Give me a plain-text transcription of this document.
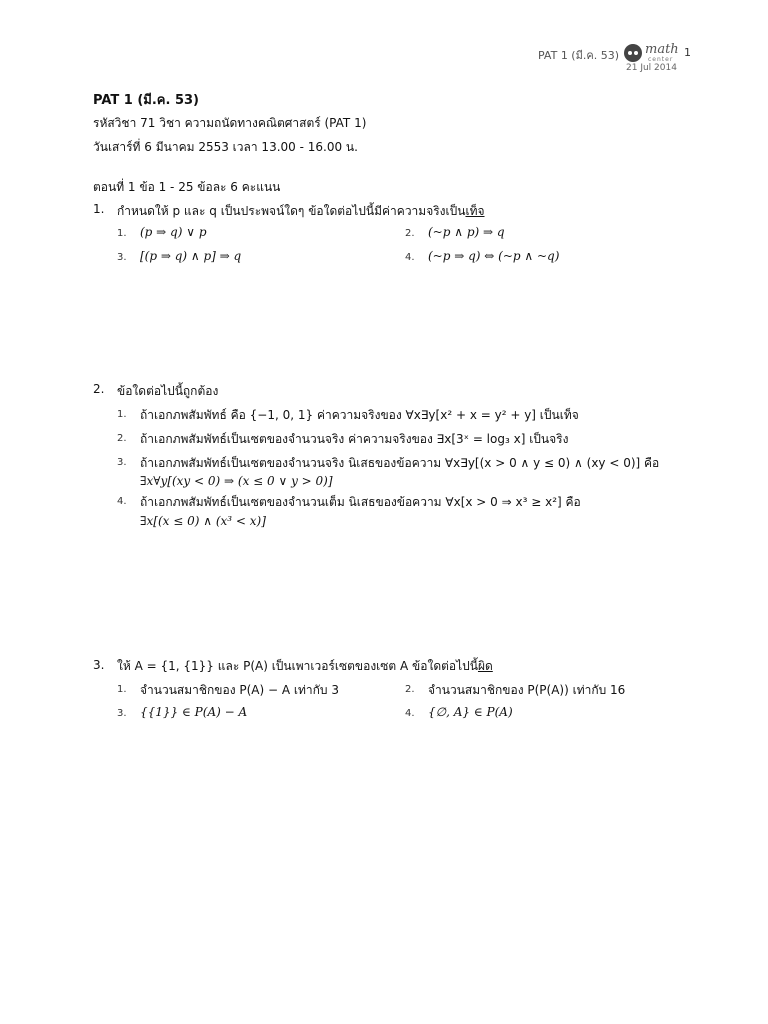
PAT 1 (มี.ค. 53) math
center
1
21 Jul 2014
PAT 1 (มี.ค. 53)
รหัสวิชา 71 วิชา ความถนัดทางคณิตศาสตร์ (PAT 1)
วันเสาร์ที่ 6 มีนาคม 2553 เวลา 13.00 - 16.00 น.
ตอนที่ 1 ข้อ 1 - 25 ข้อละ 6 คะแนน
1. กำหนดให้ p และ q เป็นประพจน์ใดๆ ข้อใดต่อไปนี้มีค่าความจริงเป็นเท็จ
1. (p ⇒ q) ∨ p	2. (~p ∧ p) ⇒ q
3. [(p ⇒ q) ∧ p] ⇒ q	4. (~p ⇒ q) ⇔ (~p ∧ ~q)
2. ข้อใดต่อไปนี้ถูกต้อง
1. ถ้าเอกภพสัมพัทธ์ คือ {−1, 0, 1} ค่าความจริงของ ∀x∃y[x² + x = y² + y] เป็นเท็จ
2. ถ้าเอกภพสัมพัทธ์เป็นเซตของจำนวนจริง ค่าความจริงของ ∃x[3ˣ = log₃ x] เป็นจริง
3. ถ้าเอกภพสัมพัทธ์เป็นเซตของจำนวนจริง นิเสธของข้อความ ∀x∃y[(x > 0 ∧ y ≤ 0) ∧ (xy < 0)] คือ
∃x∀y[(xy < 0) ⇒ (x ≤ 0 ∨ y > 0)]
4. ถ้าเอกภพสัมพัทธ์เป็นเซตของจำนวนเต็ม นิเสธของข้อความ ∀x[x > 0 ⇒ x³ ≥ x²] คือ
∃x[(x ≤ 0) ∧ (x³ < x)]
3. ให้ A = {1, {1}} และ P(A) เป็นเพาเวอร์เซตของเซต A ข้อใดต่อไปนี้ผิด
1. จำนวนสมาชิกของ P(A) − A เท่ากับ 3	2. จำนวนสมาชิกของ P(P(A)) เท่ากับ 16
3. {{1}} ∈ P(A) − A	4. {∅, A} ∈ P(A)
